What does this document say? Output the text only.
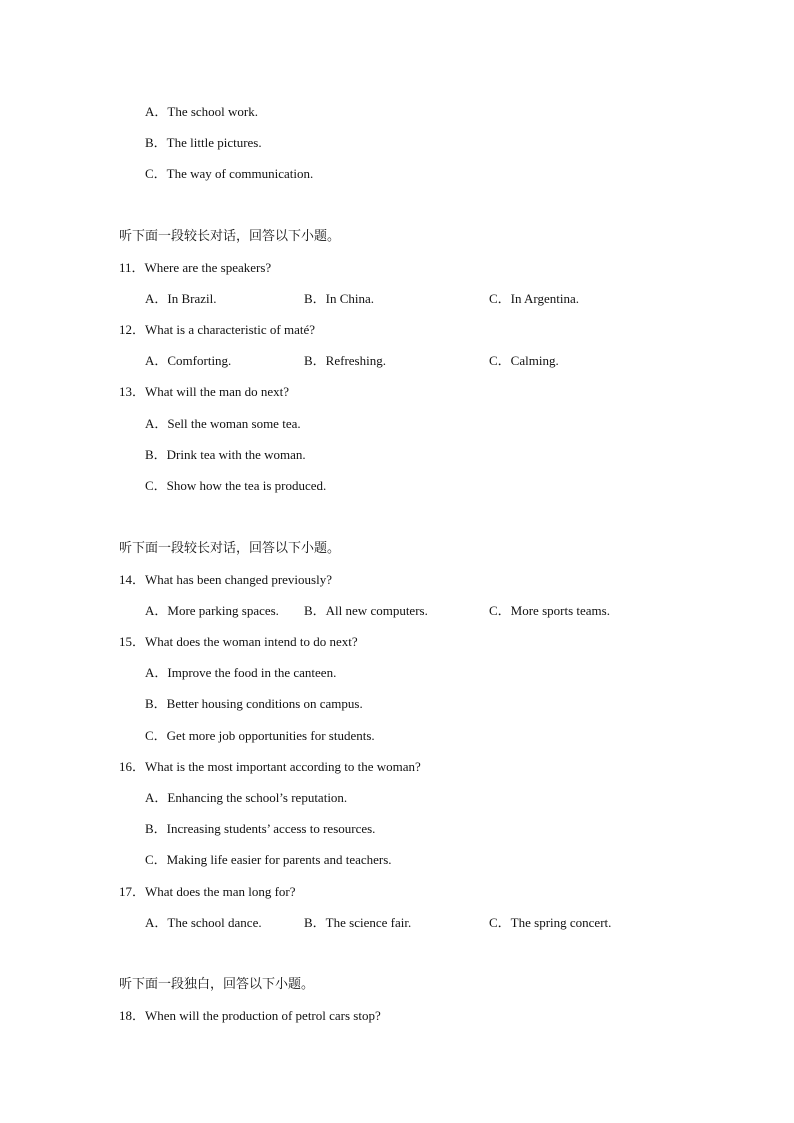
A．The school work.
B．The little pictures.
C．The way of communication.
听下面一段较长对话，回答以下小题。
11．Where are the speakers?
A．In Brazil.	B．In China.	C．In Argentina.
12．What is a characteristic of maté?
A．Comforting.	B．Refreshing.	C．Calming.
13．What will the man do next?
A．Sell the woman some tea.
B．Drink tea with the woman.
C．Show how the tea is produced.
听下面一段较长对话，回答以下小题。
14．What has been changed previously?
A．More parking spaces. B．All new computers.	C．More sports teams.
15．What does the woman intend to do next?
A．Improve the food in the canteen.
B．Better housing conditions on campus.
C．Get more job opportunities for students.
16．What is the most important according to the woman?
A．Enhancing the school’s reputation.
B．Increasing students’ access to resources.
C．Making life easier for parents and teachers.
17．What does the man long for?
A．The school dance.	B．The science fair.	C．The spring concert.
听下面一段独白，回答以下小题。
18．When will the production of petrol cars stop?
